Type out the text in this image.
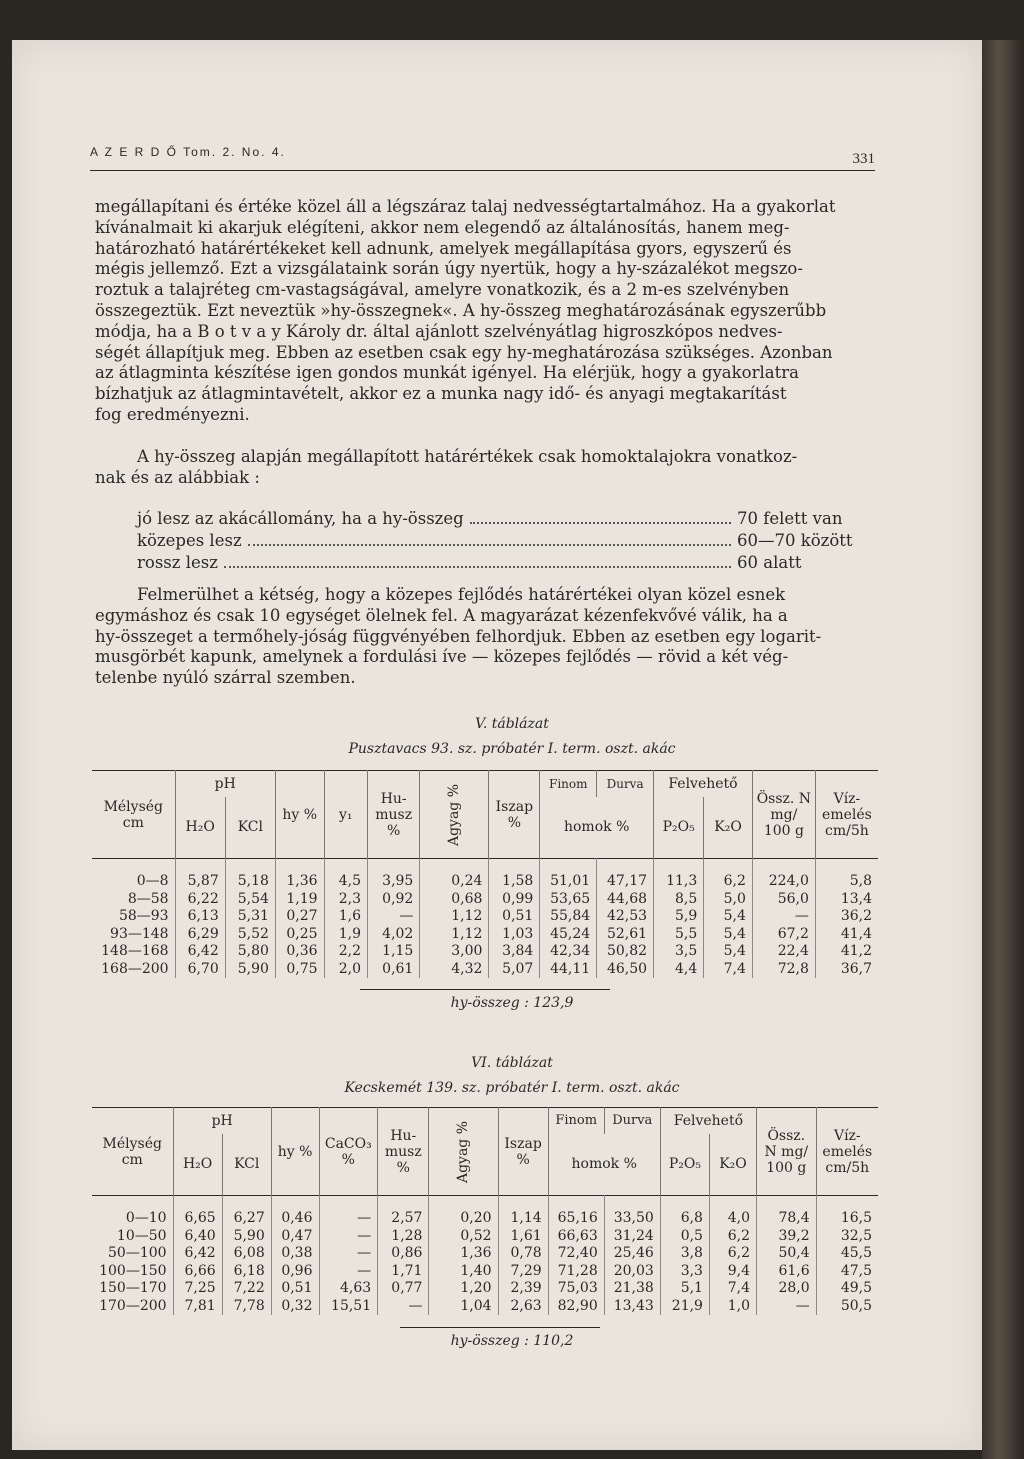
A Z E R D Ő Tom. 2. No. 4.	331
megállapítani és értéke közel áll a légszáraz talaj nedvességtartalmához. Ha a gyakorlat
kívánalmait ki akarjuk elégíteni, akkor nem elegendő az általánosítás, hanem meg-
határozható határértékeket kell adnunk, amelyek megállapítása gyors, egyszerű és
mégis jellemző. Ezt a vizsgálataink során úgy nyertük, hogy a hy-százalékot megszo-
roztuk a talajréteg cm-vastagságával, amelyre vonatkozik, és a 2 m-es szelvényben
összegeztük. Ezt neveztük »hy-összegnek«. A hy-összeg meghatározásának egyszerűbb
módja, ha a B o t v a y Károly dr. által ajánlott szelvényátlag higroszkópos nedves-
ségét állapítjuk meg. Ebben az esetben csak egy hy-meghatározása szükséges. Azonban
az átlagminta készítése igen gondos munkát igényel. Ha elérjük, hogy a gyakorlatra
bízhatjuk az átlagmintavételt, akkor ez a munka nagy idő- és anyagi megtakarítást
fog eredményezni.
A hy-összeg alapján megállapított határértékek csak homoktalajokra vonatkoz-
nak és az alábbiak :
jó lesz az akácállomány, ha a hy-összeg	70 felett van
közepes lesz	60—70 között
rossz lesz	60 alatt
Felmerülhet a kétség, hogy a közepes fejlődés határértékei olyan közel esnek
egymáshoz és csak 10 egységet ölelnek fel. A magyarázat kézenfekvővé válik, ha a
hy-összeget a termőhely-jóság függvényében felhordjuk. Ebben az esetben egy logarit-
musgörbét kapunk, amelynek a fordulási íve — közepes fejlődés — rövid a két vég-
telenbe nyúló szárral szemben.
V. táblázat
Pusztavacs 93. sz. próbatér I. term. oszt. akác
Mélység cm	pH		hy %	y₁	Hu- musz %	Agyag %	Iszap %	Finom	Durva	Felvehető		Össz. N mg/ 100 g	Víz- emelés cm/5h
	H₂O	KCl						homok %		P₂O₅	K₂O		

0—8	5,87	5,18	1,36	4,5	3,95	0,24	1,58	51,01	47,17	11,3	6,2	224,0	5,8
8—58	6,22	5,54	1,19	2,3	0,92	0,68	0,99	53,65	44,68	8,5	5,0	56,0	13,4
58—93	6,13	5,31	0,27	1,6	—	1,12	0,51	55,84	42,53	5,9	5,4	—	36,2
93—148	6,29	5,52	0,25	1,9	4,02	1,12	1,03	45,24	52,61	5,5	5,4	67,2	41,4
148—168	6,42	5,80	0,36	2,2	1,15	3,00	3,84	42,34	50,82	3,5	5,4	22,4	41,2
168—200	6,70	5,90	0,75	2,0	0,61	4,32	5,07	44,11	46,50	4,4	7,4	72,8	36,7
hy-összeg : 123,9
VI. táblázat
Kecskemét 139. sz. próbatér I. term. oszt. akác
Mélység cm	pH		hy %	CaCO₃ %	Hu- musz %	Agyag %	Iszap %	Finom	Durva	Felvehető		Össz. N mg/ 100 g	Víz- emelés cm/5h
	H₂O	KCl						homok %		P₂O₅	K₂O		

0—10	6,65	6,27	0,46	—	2,57	0,20	1,14	65,16	33,50	6,8	4,0	78,4	16,5
10—50	6,40	5,90	0,47	—	1,28	0,52	1,61	66,63	31,24	0,5	6,2	39,2	32,5
50—100	6,42	6,08	0,38	—	0,86	1,36	0,78	72,40	25,46	3,8	6,2	50,4	45,5
100—150	6,66	6,18	0,96	—	1,71	1,40	7,29	71,28	20,03	3,3	9,4	61,6	47,5
150—170	7,25	7,22	0,51	4,63	0,77	1,20	2,39	75,03	21,38	5,1	7,4	28,0	49,5
170—200	7,81	7,78	0,32	15,51	—	1,04	2,63	82,90	13,43	21,9	1,0	—	50,5
hy-összeg : 110,2
